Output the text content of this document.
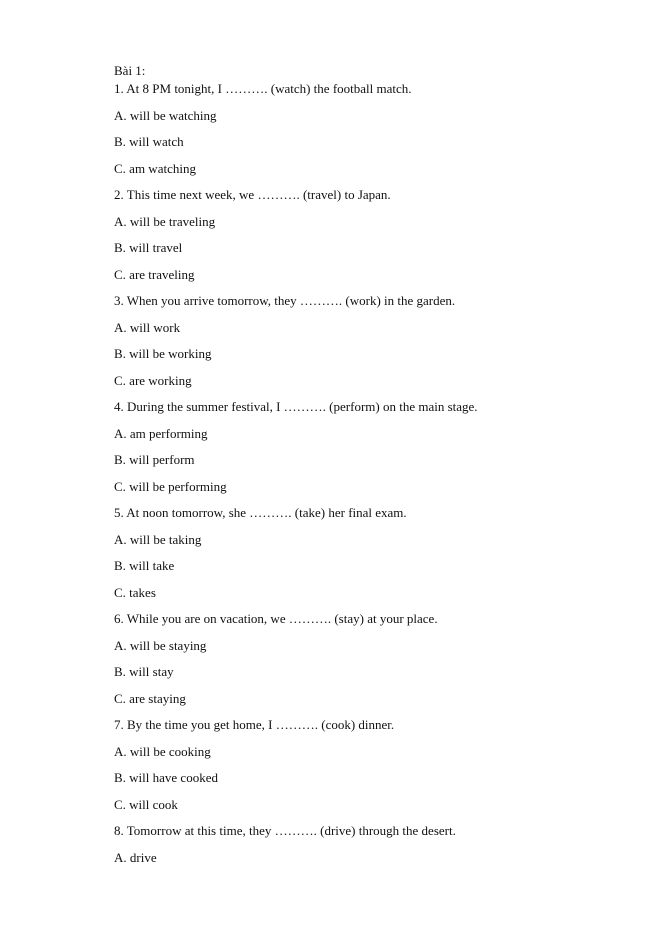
Bài 1:
1. At 8 PM tonight, I ………. (watch) the football match.
A. will be watching
B. will watch
C. am watching
2. This time next week, we ………. (travel) to Japan.
A. will be traveling
B. will travel
C. are traveling
3. When you arrive tomorrow, they ………. (work) in the garden.
A. will work
B. will be working
C. are working
4. During the summer festival, I ………. (perform) on the main stage.
A. am performing
B. will perform
C. will be performing
5. At noon tomorrow, she ………. (take) her final exam.
A. will be taking
B. will take
C. takes
6. While you are on vacation, we ………. (stay) at your place.
A. will be staying
B. will stay
C. are staying
7. By the time you get home, I ………. (cook) dinner.
A. will be cooking
B. will have cooked
C. will cook
8. Tomorrow at this time, they ………. (drive) through the desert.
A. drive
